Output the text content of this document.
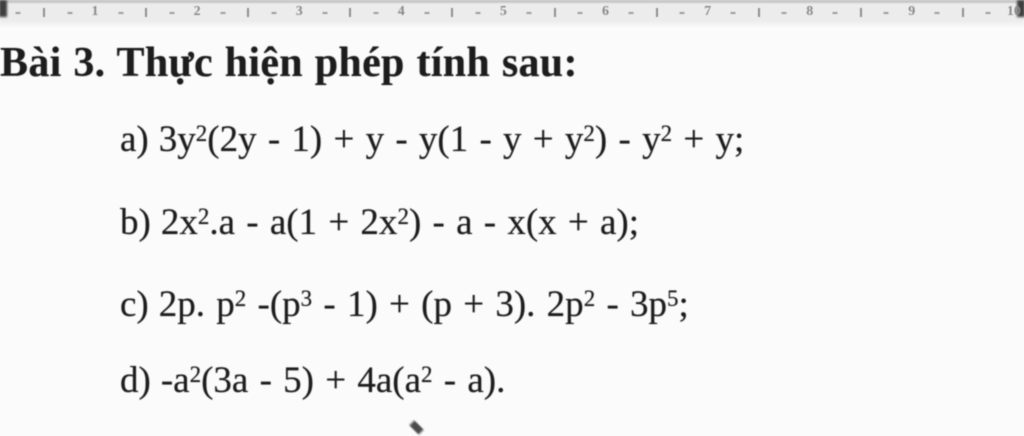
1	2	3	4	5	6	7	8	9	10
Bài 3. Thực hiện phép tính sau:
a) $3y^2(2y - 1) + y - y(1 - y + y^2) - y^2 + y$;
b) $2x^2.a - a(1 + 2x^2) - a - x(x + a)$;
c) 2p. $p^2$ $-(p^3 - 1) + (p + 3)$. $2p^2 - 3p^5$;
d) $-a^2(3a - 5) + 4a(a^2 - a)$.
